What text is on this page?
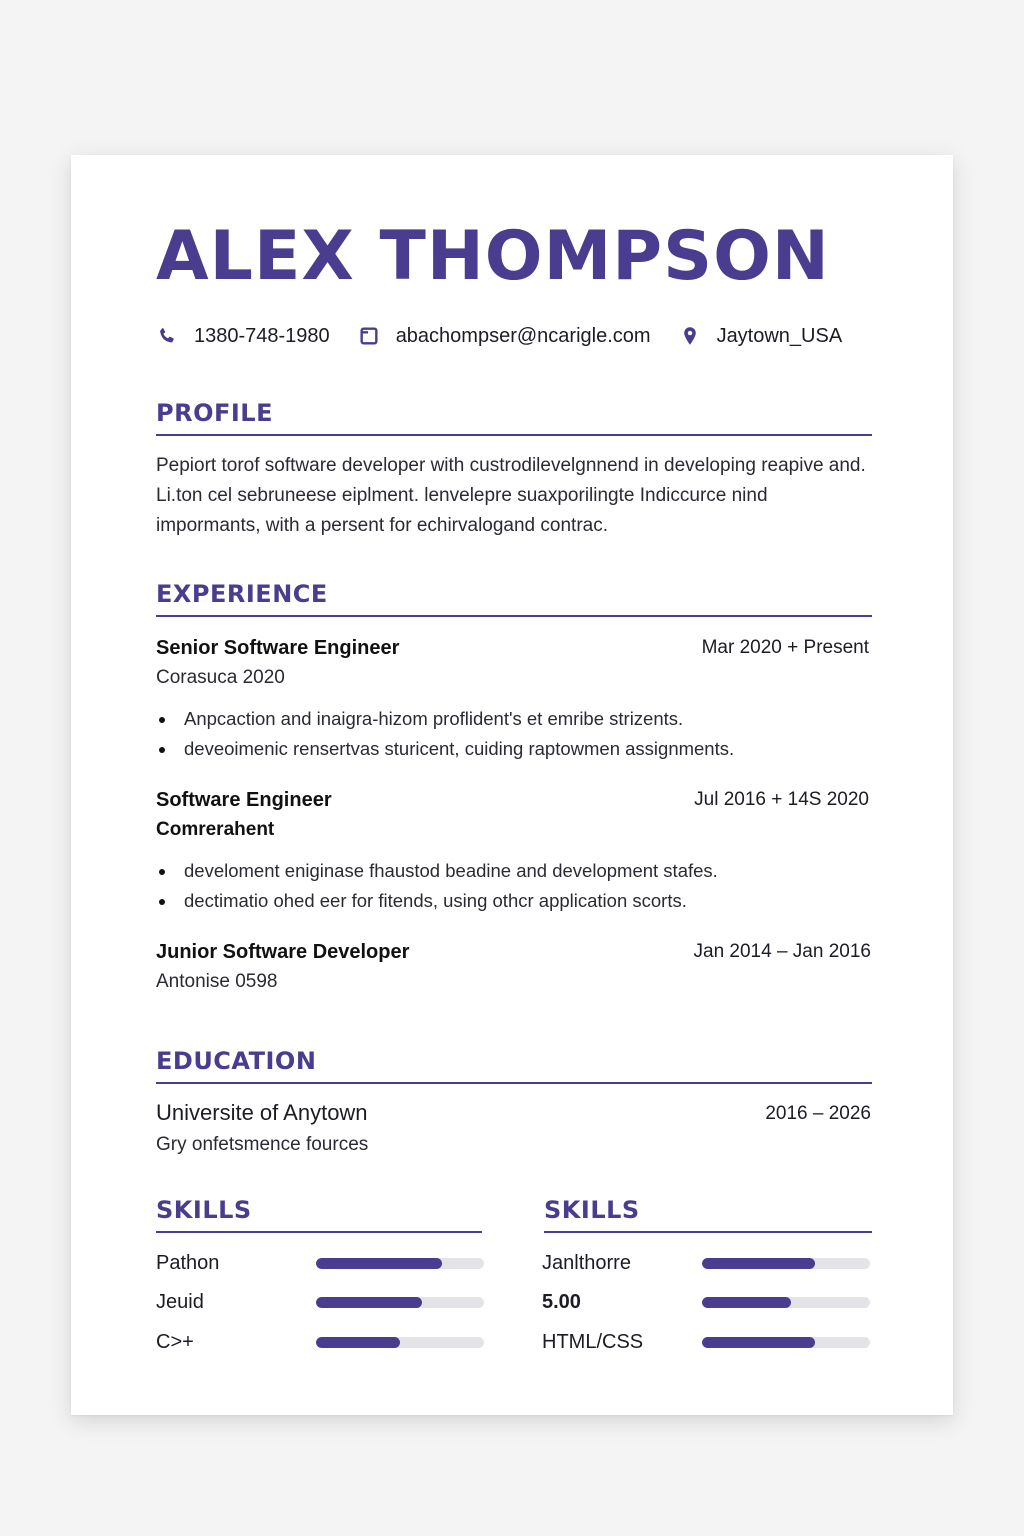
ALEX THOMPSON
1380-748-1980	abachompser@ncarigle.com	Jaytown_USA
PROFILE

Pepiort torof software developer with custrodilevelgnnend in developing reapive and. Li.ton cel sebruneese eiplment. lenvelepre suaxporilingte Indiccurce nind impormants, with a persent for echirvalogand contrac.

EXPERIENCE
Senior Software Engineer	Mar 2020 + Present
Corasuca 2020
Anpcaction and inaigra-hizom proflident's et emribe strizents.
deveoimenic rensertvas sturicent, cuiding raptowmen assignments.
Software Engineer	Jul 2016 + 14S 2020
Comrerahent
develoment eniginase fhaustod beadine and development stafes.
dectimatio ohed eer for fitends, using othcr application scorts.
Junior Software Developer	Jan 2014 – Jan 2016
Antonise 0598
EDUCATION
Universite of Anytown	2016 – 2026
Gry onfetsmence fources
SKILLS
Pathon
Jeuid
C>+
SKILLS
Janlthorre
5.00
HTML/CSS
